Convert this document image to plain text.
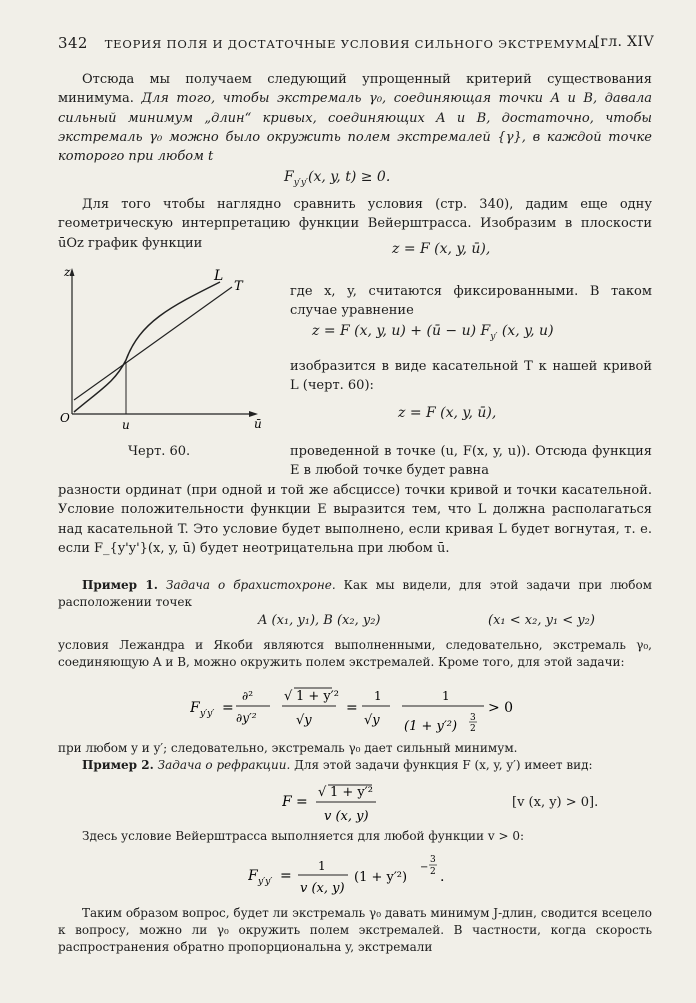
342 ТЕОРИЯ ПОЛЯ И ДОСТАТОЧНЫЕ УСЛОВИЯ СИЛЬНОГО ЭКСТРЕМУМА
[гл. XIV
Отсюда мы получаем следующий упрощенный критерий существования минимума. Для того, чтобы экстремаль γ₀, соединяющая точки A и B, давала сильный минимум „длин“ кривых, соединяющих A и B, достаточно, чтобы экстремаль γ₀ можно было окружить полем экстремалей {γ}, в каждой точке которого при любом t
$F_{y'y'}(x$, y, t) ≥ 0.
Для того чтобы наглядно сравнить условия (стр. 340), дадим еще одну геометрическую интерпретацию функции Вейерштрасса. Изобразим в плоскости ūOz график функции	z = F (x, y, ū),
z	L
T
O	u	ū
где x, y, считаются фиксированными. В таком случае уравнение
z = F (x, y, u) + (ū − u) $F_{y'}$ (x, y, u)
изобразится в виде касательной T к нашей кривой L (черт. 60):
z = F (x, y, ū),
Черт. 60.	проведенной в точке (u, F(x, y, u)). Отсюда функция E в любой точке будет равна
разности ординат (при одной и той же абсциссе) точки кривой и точки касательной. Условие положительности функции E выразится тем, что L должна располагаться над касательной T. Это условие будет выполнено, если кривая L будет вогнутая, т. е. если F_{y'y'}(x, y, ū) будет неотрицательна при любом ū.
Пример 1. Задача о брахистохроне. Как мы видели, для этой задачи при любом расположении точек
A (x₁, y₁), B (x₂, y₂)	(x₁ < x₂, y₁ < y₂)
условия Лежандра и Якоби являются выполненными, следовательно, экстремаль γ₀, соединяющую A и B, можно окружить полем экстремалей. Кроме того, для этой задачи:
F y′y′ =
∂²
∂y′²
√ 1 + y′²
√y
=
1
√y
1
(1 + y′²)
3
2
> 0
при любом y и y′; следовательно, экстремаль γ₀ дает сильный минимум.
Пример 2. Задача о рефракции. Для этой задачи функция F (x, y, y′) имеет вид:
F =
√ 1 + y′²
v (x, y)
[v (x, y) > 0].
Здесь условие Вейерштрасса выполняется для любой функции v > 0:
F y′y′ =
1
v (x, y)
(1 + y′²)
−
3
2 .
Таким образом вопрос, будет ли экстремаль γ₀ давать минимум J-длин, сводится всецело к вопросу, можно ли γ₀ окружить полем экстремалей. В частности, когда скорость распространения обратно пропорциональна y, экстремали
